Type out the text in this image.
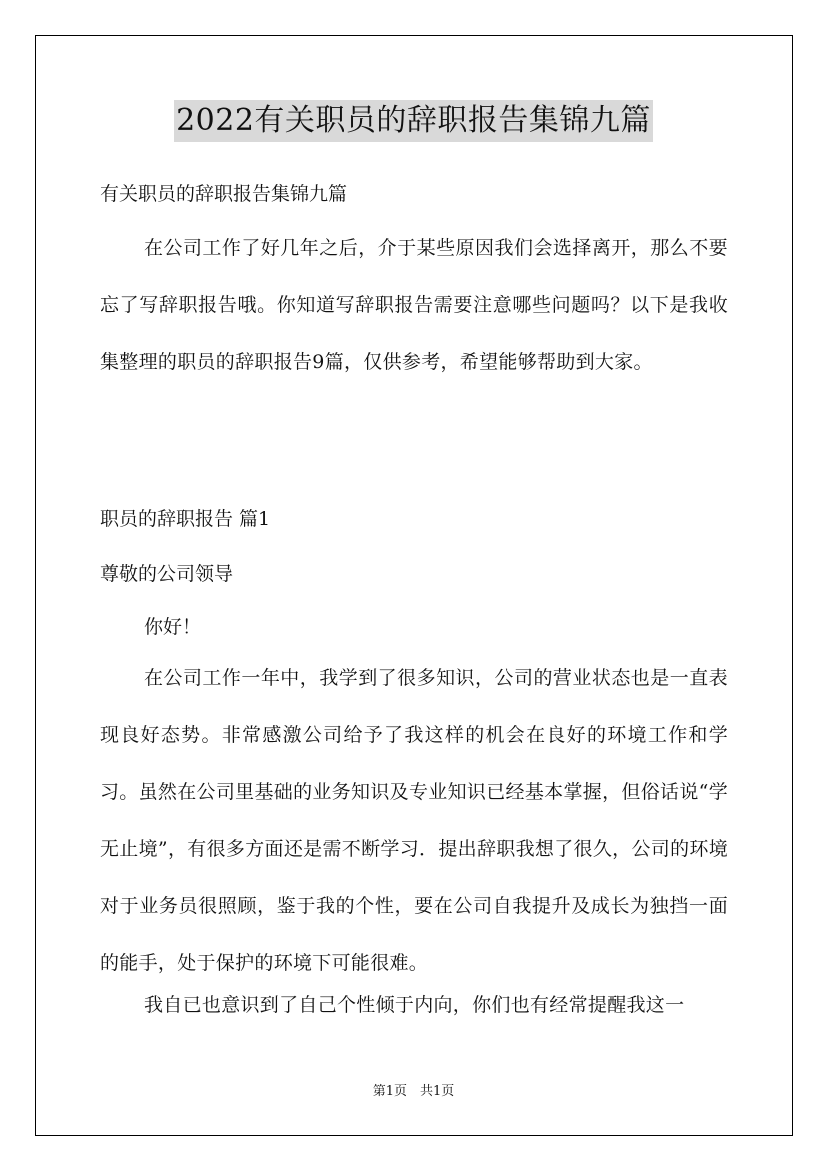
2022有关职员的辞职报告集锦九篇

有关职员的辞职报告集锦九篇

在公司工作了好几年之后，介于某些原因我们会选择离开，那么不要忘了写辞职报告哦。你知道写辞职报告需要注意哪些问题吗？以下是我收集整理的职员的辞职报告9篇，仅供参考，希望能够帮助到大家。

职员的辞职报告 篇1

尊敬的公司领导

你好！

在公司工作一年中，我学到了很多知识，公司的营业状态也是一直表现良好态势。非常感激公司给予了我这样的机会在良好的环境工作和学习。虽然在公司里基础的业务知识及专业知识已经基本掌握，但俗话说“学无止境”，有很多方面还是需不断学习．提出辞职我想了很久，公司的环境对于业务员很照顾，鉴于我的个性，要在公司自我提升及成长为独挡一面的能手，处于保护的环境下可能很难。

我自已也意识到了自己个性倾于内向，你们也有经常提醒我这一

第1页　共1页
